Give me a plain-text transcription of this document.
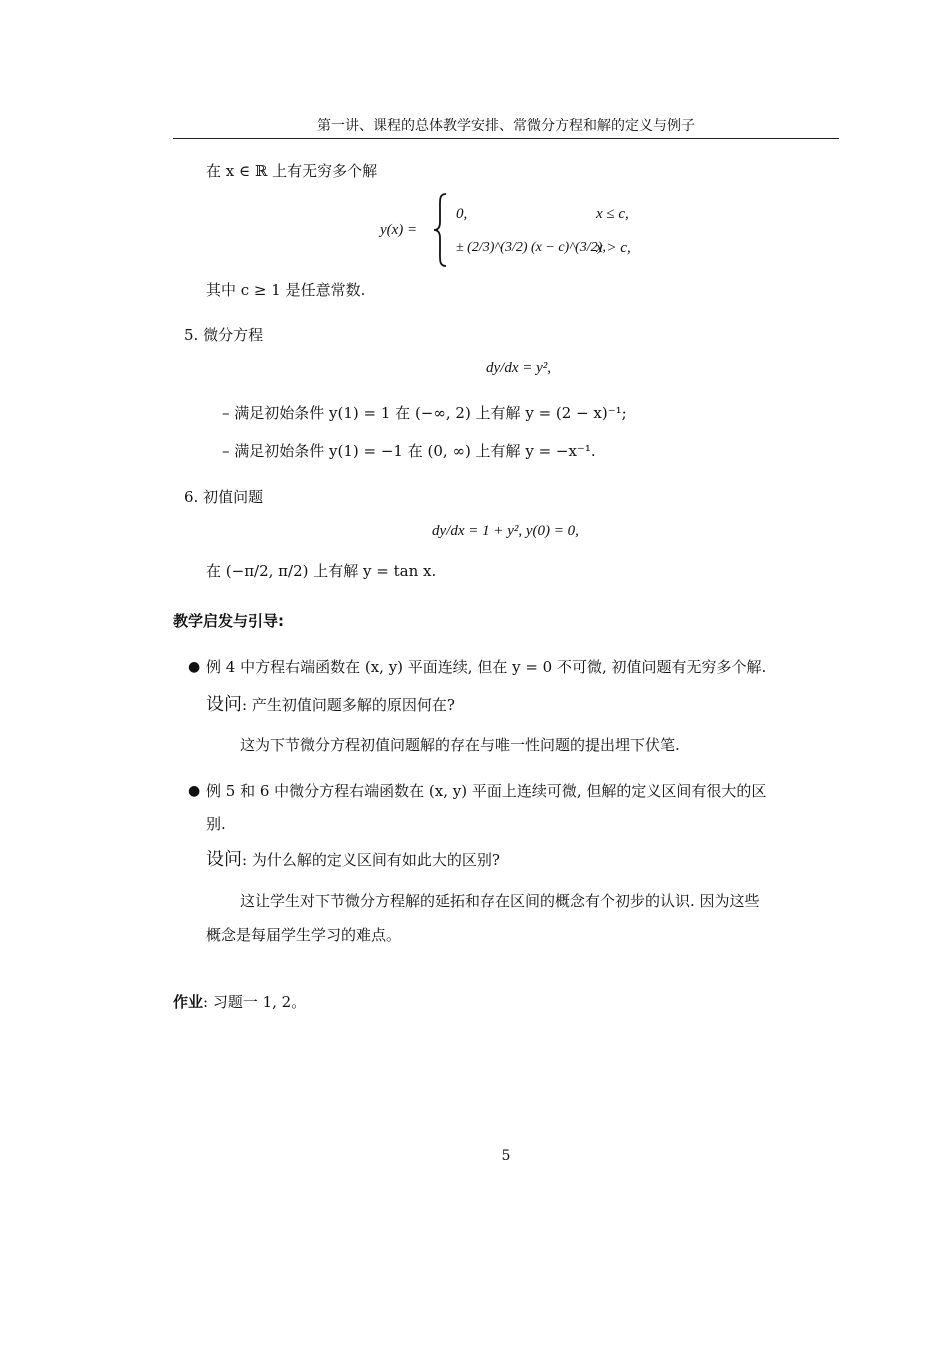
第一讲、课程的总体教学安排、常微分方程和解的定义与例子
在 x ∈ ℝ 上有无穷多个解
y(x) =
0,	x ≤ c,
± (2/3)^(3/2) (x − c)^(3/2),
x > c,
其中 c ≥ 1 是任意常数.
5. 微分方程
dy/dx = y²,
– 满足初始条件 y(1) = 1 在 (−∞, 2) 上有解 y = (2 − x)⁻¹;
– 满足初始条件 y(1) = −1 在 (0, ∞) 上有解 y = −x⁻¹.
6. 初值问题
dy/dx = 1 + y², y(0) = 0,
在 (−π/2, π/2) 上有解 y = tan x.
教学启发与引导:
● 例 4 中方程右端函数在 (x, y) 平面连续, 但在 y = 0 不可微, 初值问题有无穷多个解.
设问: 产生初值问题多解的原因何在?
这为下节微分方程初值问题解的存在与唯一性问题的提出埋下伏笔.
● 例 5 和 6 中微分方程右端函数在 (x, y) 平面上连续可微, 但解的定义区间有很大的区
别.
设问: 为什么解的定义区间有如此大的区别?
这让学生对下节微分方程解的延拓和存在区间的概念有个初步的认识. 因为这些
概念是每届学生学习的难点。
作业: 习题一 1, 2。
5
